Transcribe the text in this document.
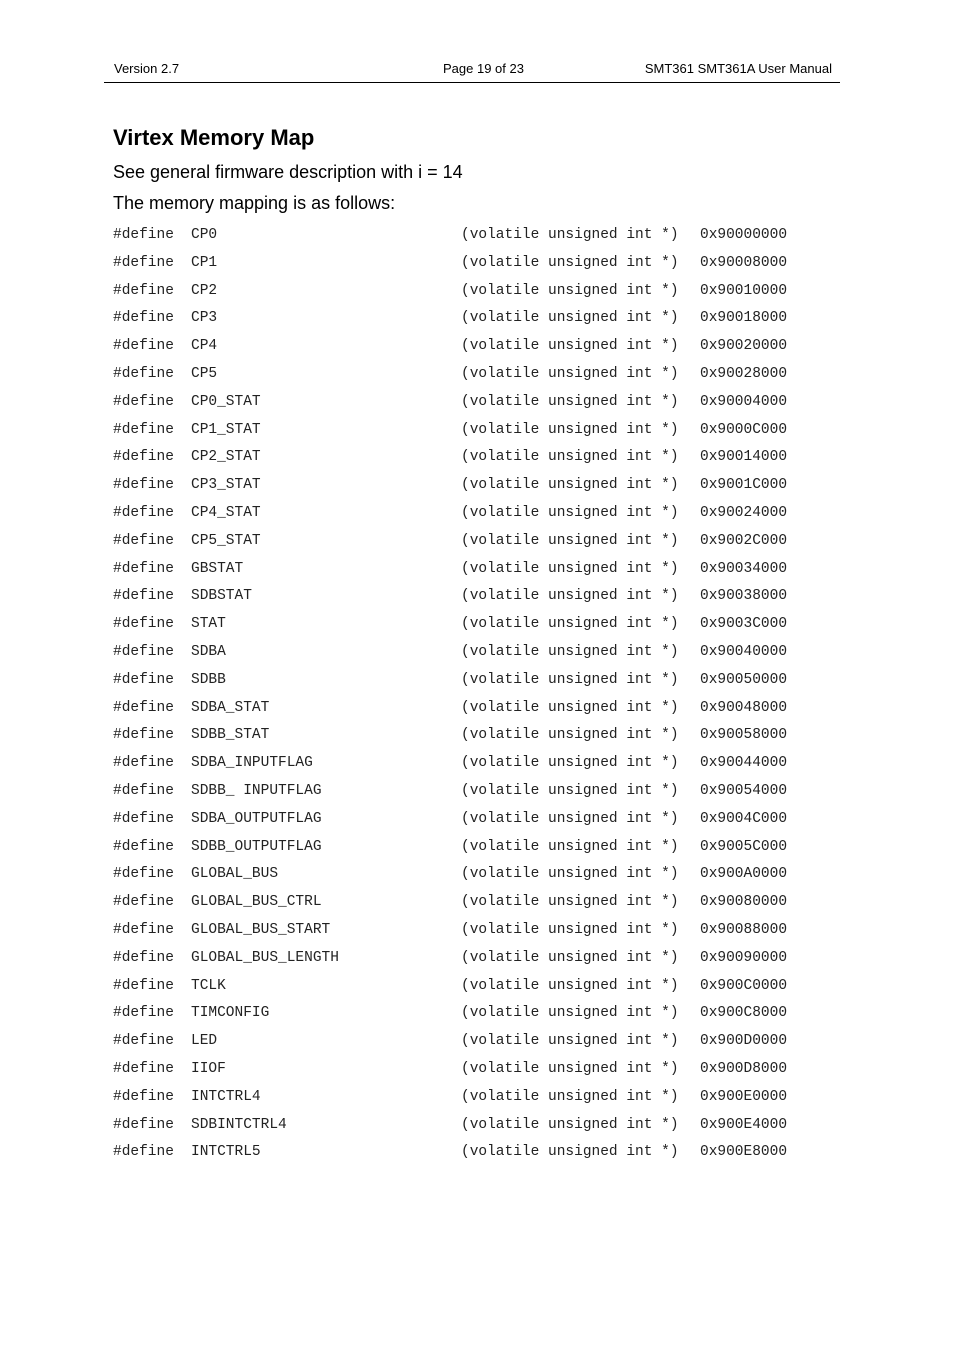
Version 2.7	Page 19 of 23	SMT361 SMT361A User Manual
Virtex Memory Map

See general firmware description with i = 14

The memory mapping is as follows:

#define CP0	(volatile unsigned int *) 0x90000000
#define CP1	(volatile unsigned int *) 0x90008000
#define CP2	(volatile unsigned int *) 0x90010000
#define CP3	(volatile unsigned int *) 0x90018000
#define CP4	(volatile unsigned int *) 0x90020000
#define CP5	(volatile unsigned int *) 0x90028000
#define CP0_STAT	(volatile unsigned int *) 0x90004000
#define CP1_STAT	(volatile unsigned int *) 0x9000C000
#define CP2_STAT	(volatile unsigned int *) 0x90014000
#define CP3_STAT	(volatile unsigned int *) 0x9001C000
#define CP4_STAT	(volatile unsigned int *) 0x90024000
#define CP5_STAT	(volatile unsigned int *) 0x9002C000
#define GBSTAT	(volatile unsigned int *) 0x90034000
#define SDBSTAT	(volatile unsigned int *) 0x90038000
#define STAT	(volatile unsigned int *) 0x9003C000
#define SDBA	(volatile unsigned int *) 0x90040000
#define SDBB	(volatile unsigned int *) 0x90050000
#define SDBA_STAT	(volatile unsigned int *) 0x90048000
#define SDBB_STAT	(volatile unsigned int *) 0x90058000
#define SDBA_INPUTFLAG	(volatile unsigned int *) 0x90044000
#define SDBB_ INPUTFLAG	(volatile unsigned int *) 0x90054000
#define SDBA_OUTPUTFLAG	(volatile unsigned int *) 0x9004C000
#define SDBB_OUTPUTFLAG	(volatile unsigned int *) 0x9005C000
#define GLOBAL_BUS	(volatile unsigned int *) 0x900A0000
#define GLOBAL_BUS_CTRL	(volatile unsigned int *) 0x90080000
#define GLOBAL_BUS_START	(volatile unsigned int *) 0x90088000
#define GLOBAL_BUS_LENGTH	(volatile unsigned int *) 0x90090000
#define TCLK	(volatile unsigned int *) 0x900C0000
#define TIMCONFIG	(volatile unsigned int *) 0x900C8000
#define LED	(volatile unsigned int *) 0x900D0000
#define IIOF	(volatile unsigned int *) 0x900D8000
#define INTCTRL4	(volatile unsigned int *) 0x900E0000
#define SDBINTCTRL4	(volatile unsigned int *) 0x900E4000
#define INTCTRL5	(volatile unsigned int *) 0x900E8000
